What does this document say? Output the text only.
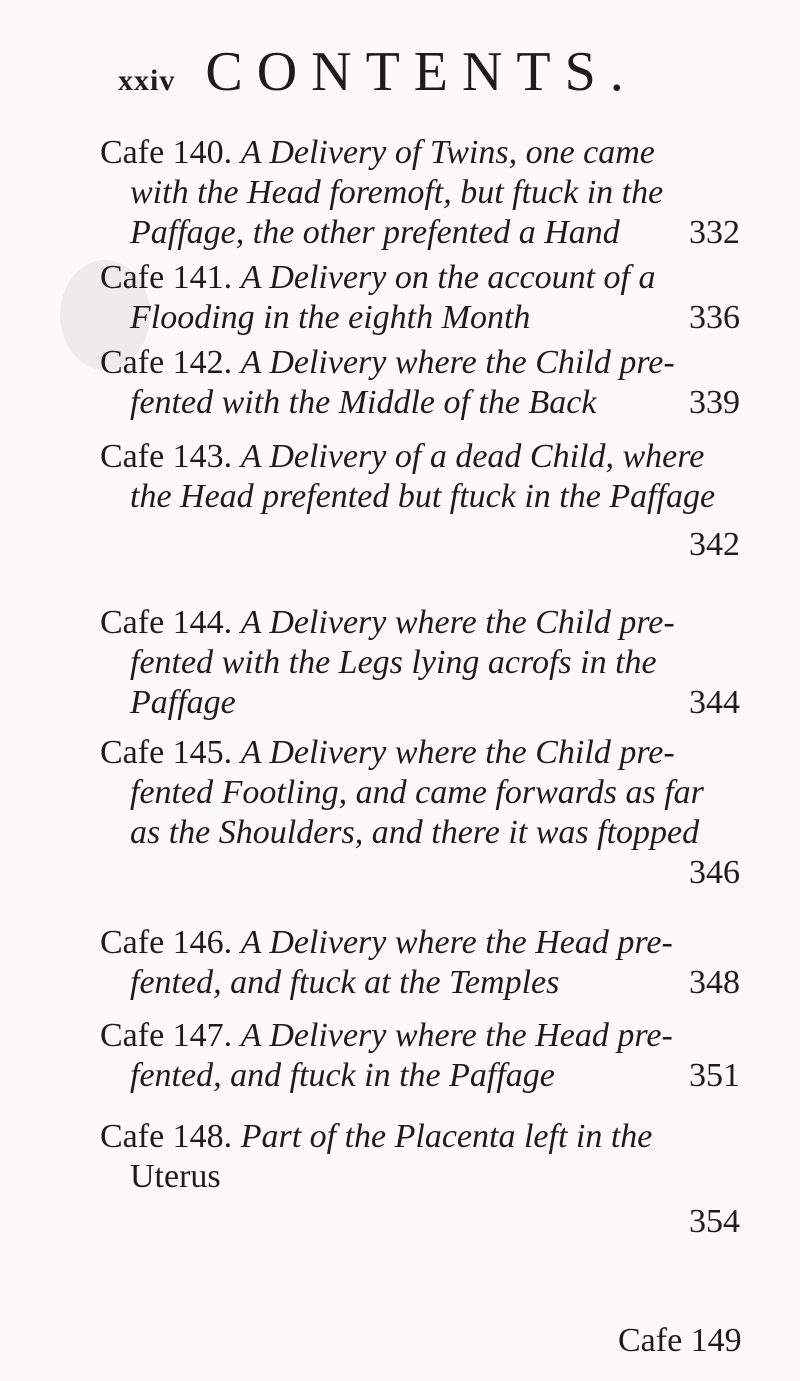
xxiv CONTENTS.
Cafe 140. A Delivery of Twins, one came
with the Head foremoft, but ftuck in the
Paffage, the other prefented a Hand	332
Cafe 141. A Delivery on the account of a
Flooding in the eighth Month	336
Cafe 142. A Delivery where the Child pre-
fented with the Middle of the Back	339
Cafe 143. A Delivery of a dead Child, where
the Head prefented but ftuck in the Paffage
342
Cafe 144. A Delivery where the Child pre-
fented with the Legs lying acrofs in the
Paffage	344
Cafe 145. A Delivery where the Child pre-
fented Footling, and came forwards as far
as the Shoulders, and there it was ftopped
346
Cafe 146. A Delivery where the Head pre-
fented, and ftuck at the Temples	348
Cafe 147. A Delivery where the Head pre-
fented, and ftuck in the Paffage	351
Cafe 148. Part of the Placenta left in the
Uterus
354
Cafe 149
